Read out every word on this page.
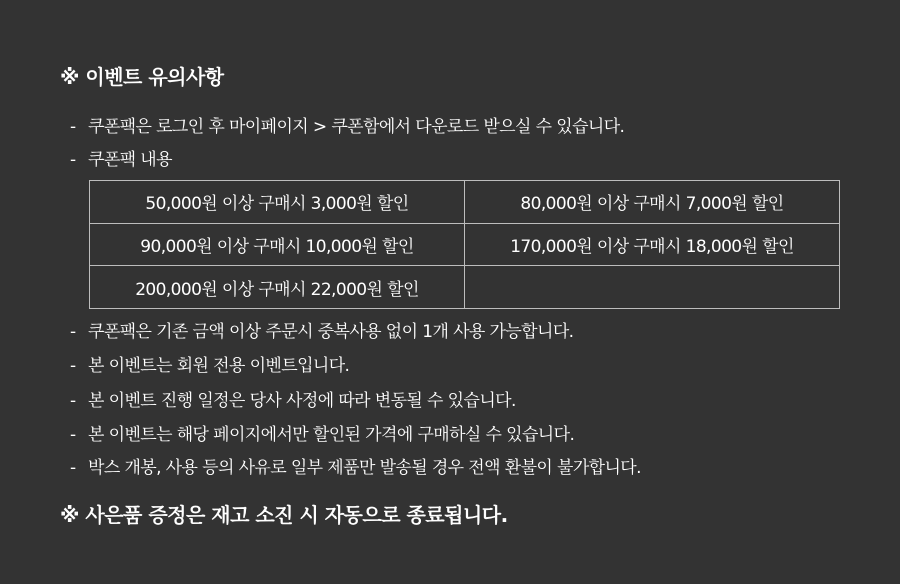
※ 이벤트 유의사항
- 쿠폰팩은 로그인 후 마이페이지 > 쿠폰함에서 다운로드 받으실 수 있습니다.
- 쿠폰팩 내용
50,000원 이상 구매시 3,000원 할인	80,000원 이상 구매시 7,000원 할인
90,000원 이상 구매시 10,000원 할인	170,000원 이상 구매시 18,000원 할인
200,000원 이상 구매시 22,000원 할인	
- 쿠폰팩은 기존 금액 이상 주문시 중복사용 없이 1개 사용 가능합니다.
- 본 이벤트는 회원 전용 이벤트입니다.
- 본 이벤트 진행 일정은 당사 사정에 따라 변동될 수 있습니다.
- 본 이벤트는 해당 페이지에서만 할인된 가격에 구매하실 수 있습니다.
- 박스 개봉, 사용 등의 사유로 일부 제품만 발송될 경우 전액 환불이 불가합니다.
※ 사은품 증정은 재고 소진 시 자동으로 종료됩니다.
